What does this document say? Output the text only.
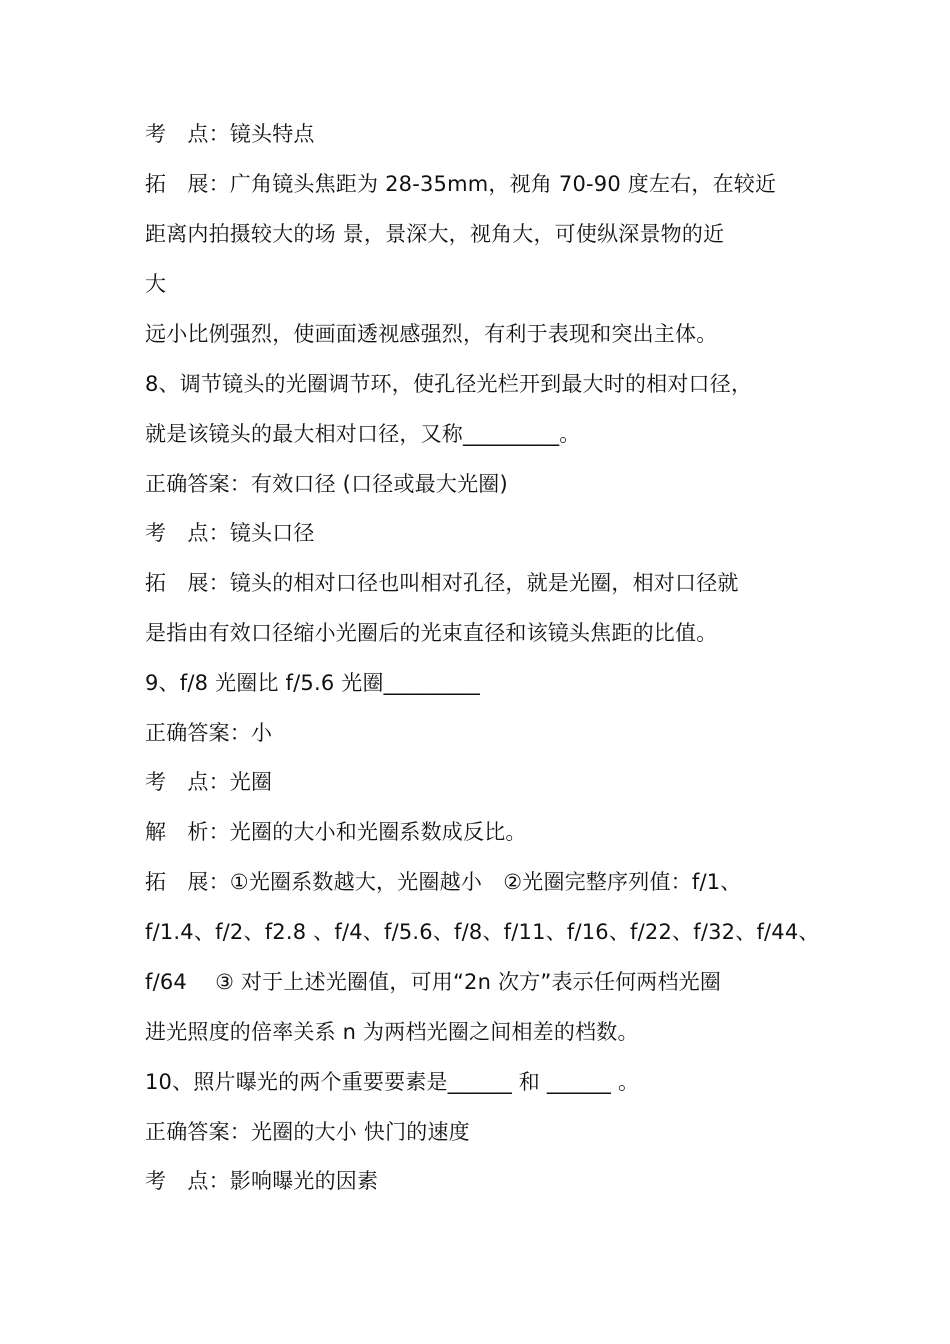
考　点：镜头特点

拓　展：广角镜头焦距为 28-35mm，视角 70-90 度左右，在较近

距离内拍摄较大的场 景，景深大，视角大，可使纵深景物的近

大

远小比例强烈，使画面透视感强烈，有利于表现和突出主体。

8、调节镜头的光圈调节环，使孔径光栏开到最大时的相对口径，

就是该镜头的最大相对口径，又称_________。

正确答案：有效口径 (口径或最大光圈)

考　点：镜头口径

拓　展：镜头的相对口径也叫相对孔径，就是光圈，相对口径就

是指由有效口径缩小光圈后的光束直径和该镜头焦距的比值。

9、f/8 光圈比 f/5.6 光圈_________

正确答案：小

考　点：光圈

解　析：光圈的大小和光圈系数成反比。

拓　展：①光圈系数越大，光圈越小　②光圈完整序列值：f/1、

f/1.4、f/2、f2.8 、f/4、f/5.6、f/8、f/11、f/16、f/22、f/32、f/44、

f/64　 ③ 对于上述光圈值，可用“2n 次方”表示任何两档光圈

进光照度的倍率关系 n 为两档光圈之间相差的档数。

10、照片曝光的两个重要要素是______ 和 ______ 。

正确答案：光圈的大小 快门的速度

考　点：影响曝光的因素
